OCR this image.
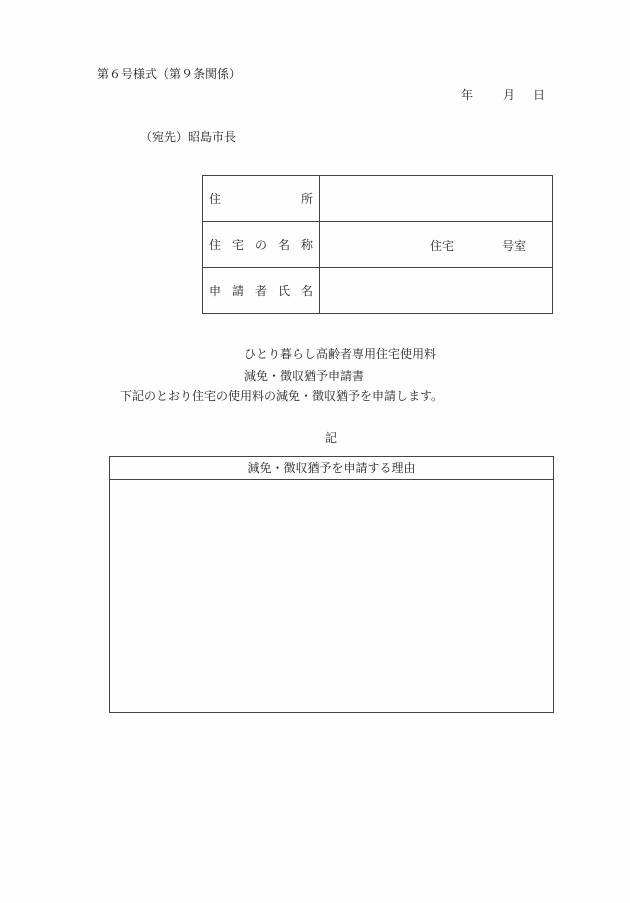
第６号様式（第９条関係）
年 月 日
（宛先）昭島市長
住 所	

住 宅 の 名 称	住宅 号室

申 請 者 氏 名	

ひとり暮らし高齢者専用住宅使用料
減免・徴収猶予申請書
下記のとおり住宅の使用料の減免・徴収猶予を申請します。
記
減免・徴収猶予を申請する理由
